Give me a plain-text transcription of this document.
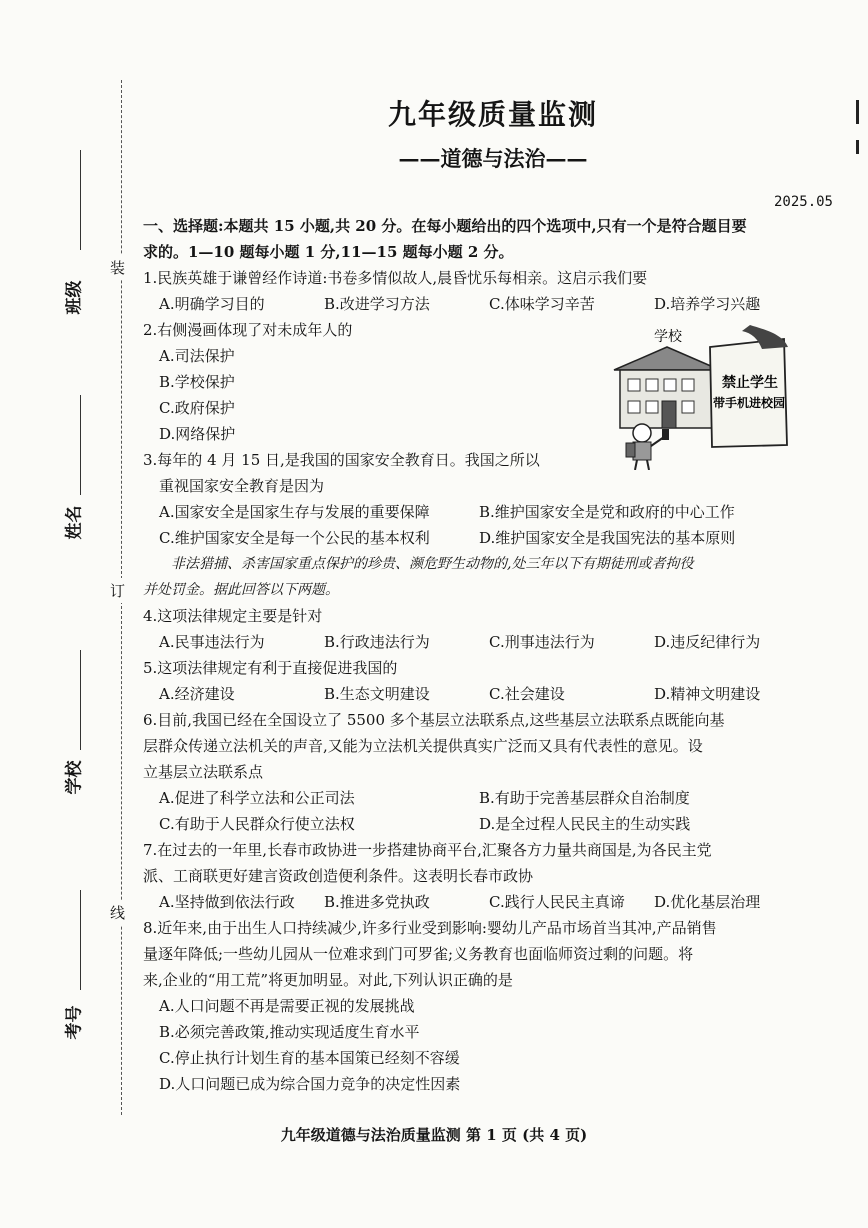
装
订
线
班级
姓名
学校
考号
九年级质量监测
——道德与法治——
2025.05
一、选择题:本题共 15 小题,共 20 分。在每小题给出的四个选项中,只有一个是符合题目要
求的。1—10 题每小题 1 分,11—15 题每小题 2 分。
1.民族英雄于谦曾经作诗道:书卷多情似故人,晨昏忧乐每相亲。这启示我们要
A.明确学习目的	B.改进学习方法	C.体味学习辛苦	D.培养学习兴趣
2.右侧漫画体现了对未成年人的
A.司法保护
B.学校保护
C.政府保护
D.网络保护
3.每年的 4 月 15 日,是我国的国家安全教育日。我国之所以
重视国家安全教育是因为
A.国家安全是国家生存与发展的重要保障	B.维护国家安全是党和政府的中心工作
C.维护国家安全是每一个公民的基本权利	D.维护国家安全是我国宪法的基本原则
非法猎捕、杀害国家重点保护的珍贵、濒危野生动物的,处三年以下有期徒刑或者拘役
并处罚金。据此回答以下两题。
4.这项法律规定主要是针对
A.民事违法行为	B.行政违法行为	C.刑事违法行为	D.违反纪律行为
5.这项法律规定有利于直接促进我国的
A.经济建设	B.生态文明建设	C.社会建设	D.精神文明建设
6.目前,我国已经在全国设立了 5500 多个基层立法联系点,这些基层立法联系点既能向基
层群众传递立法机关的声音,又能为立法机关提供真实广泛而又具有代表性的意见。设
立基层立法联系点
A.促进了科学立法和公正司法	B.有助于完善基层群众自治制度
C.有助于人民群众行使立法权	D.是全过程人民民主的生动实践
7.在过去的一年里,长春市政协进一步搭建协商平台,汇聚各方力量共商国是,为各民主党
派、工商联更好建言资政创造便利条件。这表明长春市政协
A.坚持做到依法行政	B.推进多党执政	C.践行人民民主真谛	D.优化基层治理
8.近年来,由于出生人口持续减少,许多行业受到影响:婴幼儿产品市场首当其冲,产品销售
量逐年降低;一些幼儿园从一位难求到门可罗雀;义务教育也面临师资过剩的问题。将
来,企业的“用工荒”将更加明显。对此,下列认识正确的是
A.人口问题不再是需要正视的发展挑战
B.必须完善政策,推动实现适度生育水平
C.停止执行计划生育的基本国策已经刻不容缓
D.人口问题已成为综合国力竞争的决定性因素
禁止学生
带手机进校园
学校
九年级道德与法治质量监测 第 1 页 (共 4 页)
